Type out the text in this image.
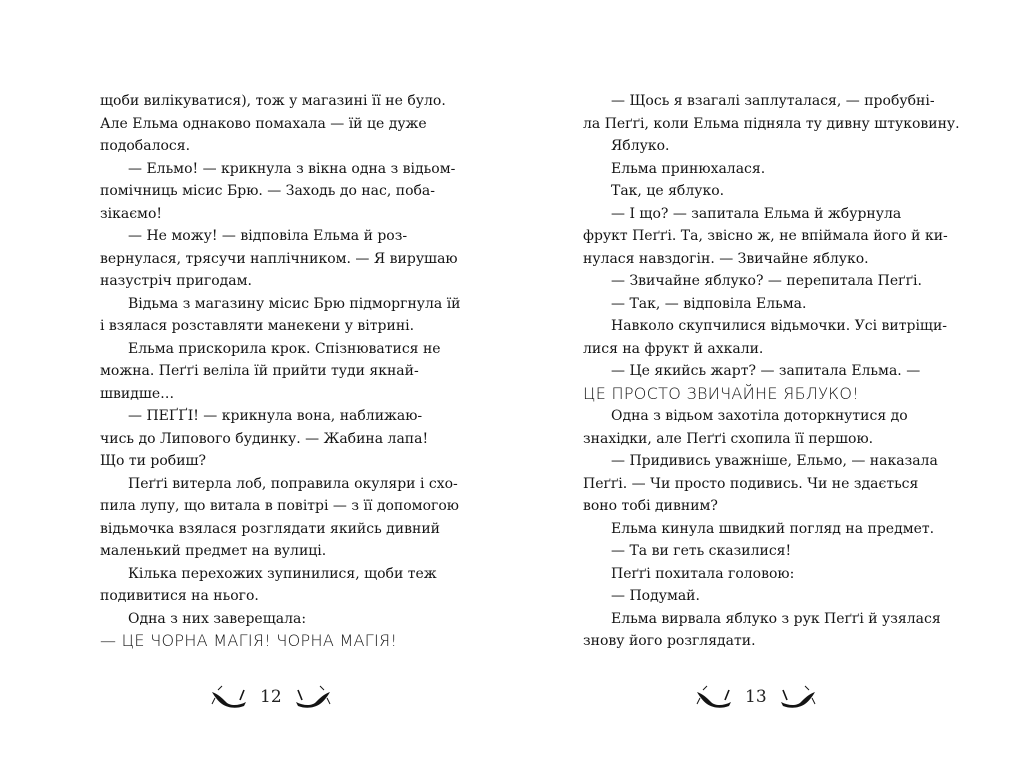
щоби вилікуватися), тож у магазині її не було.
Але Ельма однаково помахала — їй це дуже
подобалося.
— Ельмо! — крикнула з вікна одна з відьом-
помічниць місис Брю. — Заходь до нас, поба-
зікаємо!
— Не можу! — відповіла Ельма й роз-
вернулася, трясучи наплічником. — Я вирушаю
назустріч пригодам.
Відьма з магазину місис Брю підморгнула їй
і взялася розставляти манекени у вітрині.
Ельма прискорила крок. Спізнюватися не
можна. Пеґґі веліла їй прийти туди якнай-
швидше…
— ПЕҐҐІ! — крикнула вона, наближаю-
чись до Липового будинку. — Жабина лапа!
Що ти робиш?
Пеґґі витерла лоб, поправила окуляри і схо-
пила лупу, що витала в повітрі — з її допомогою
відьмочка взялася розглядати якийсь дивний
маленький предмет на вулиці.
Кілька перехожих зупинилися, щоби теж
подивитися на нього.
Одна з них заверещала:
— ЦЕ ЧОРНА МАГІЯ! ЧОРНА МАГІЯ!
— Щось я взагалі заплуталася, — пробубні-
ла Пеґґі, коли Ельма підняла ту дивну штуковину.
Яблуко.
Ельма принюхалася.
Так, це яблуко.
— І що? — запитала Ельма й жбурнула
фрукт Пеґґі. Та, звісно ж, не впіймала його й ки-
нулася навздогін. — Звичайне яблуко.
— Звичайне яблуко? — перепитала Пеґґі.
— Так, — відповіла Ельма.
Навколо скупчилися відьмочки. Усі витріщи-
лися на фрукт й ахкали.
— Це якийсь жарт? — запитала Ельма. —
ЦЕ ПРОСТО ЗВИЧАЙНЕ ЯБЛУКО!
Одна з відьом захотіла доторкнутися до
знахідки, але Пеґґі схопила її першою.
— Придивись уважніше, Ельмо, — наказала
Пеґґі. — Чи просто подивись. Чи не здається
воно тобі дивним?
Ельма кинула швидкий погляд на предмет.
— Та ви геть сказилися!
Пеґґі похитала головою:
— Подумай.
Ельма вирвала яблуко з рук Пеґґі й узялася
знову його розглядати.
12	13
